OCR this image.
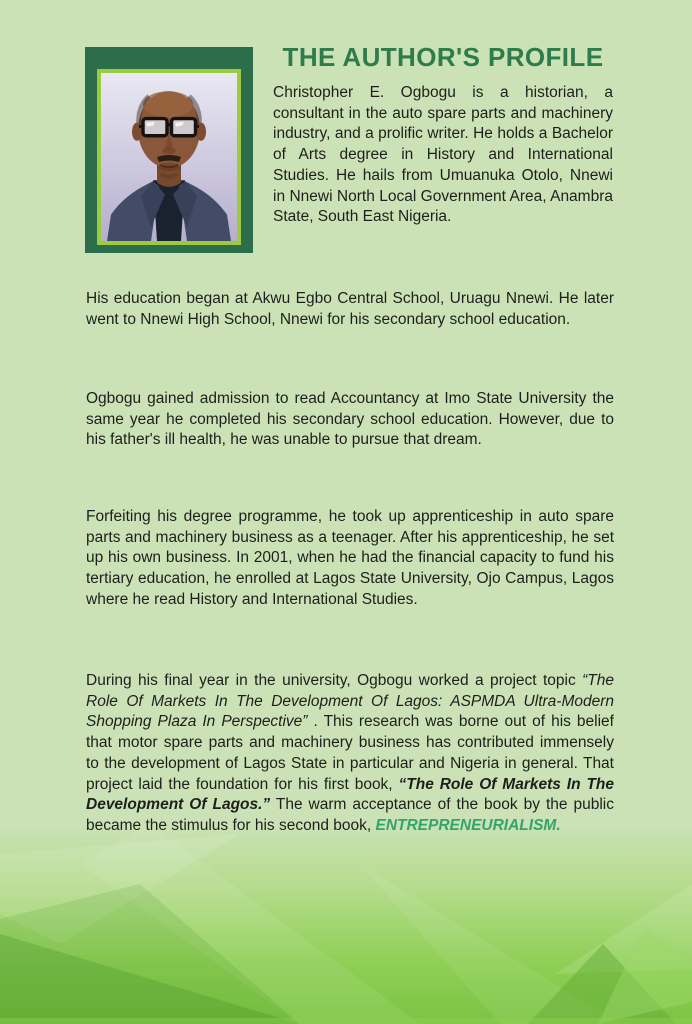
THE AUTHOR'S PROFILE

Christopher E. Ogbogu is a historian, a consultant in the auto spare parts and machinery industry, and a prolific writer. He holds a Bachelor of Arts degree in History and International Studies. He hails from Umuanuka Otolo, Nnewi in Nnewi North Local Government Area, Anambra State, South East Nigeria.

His education began at Akwu Egbo Central School, Uruagu Nnewi. He later went to Nnewi High School, Nnewi for his secondary school education.

Ogbogu gained admission to read Accountancy at Imo State University the same year he completed his secondary school education. However, due to his father's ill health, he was unable to pursue that dream.

Forfeiting his degree programme, he took up apprenticeship in auto spare parts and machinery business as a teenager. After his apprenticeship, he set up his own business. In 2001, when he had the financial capacity to fund his tertiary education, he enrolled at Lagos State University, Ojo Campus, Lagos where he read History and International Studies.

During his final year in the university, Ogbogu worked a project topic “The Role Of Markets In The Development Of Lagos: ASPMDA Ultra-Modern Shopping Plaza In Perspective” . This research was borne out of his belief that motor spare parts and machinery business has contributed immensely to the development of Lagos State in particular and Nigeria in general. That project laid the foundation for his first book, “The Role Of Markets In The Development Of Lagos.” The warm acceptance of the book by the public became the stimulus for his second book, ENTREPRENEURIALISM.
